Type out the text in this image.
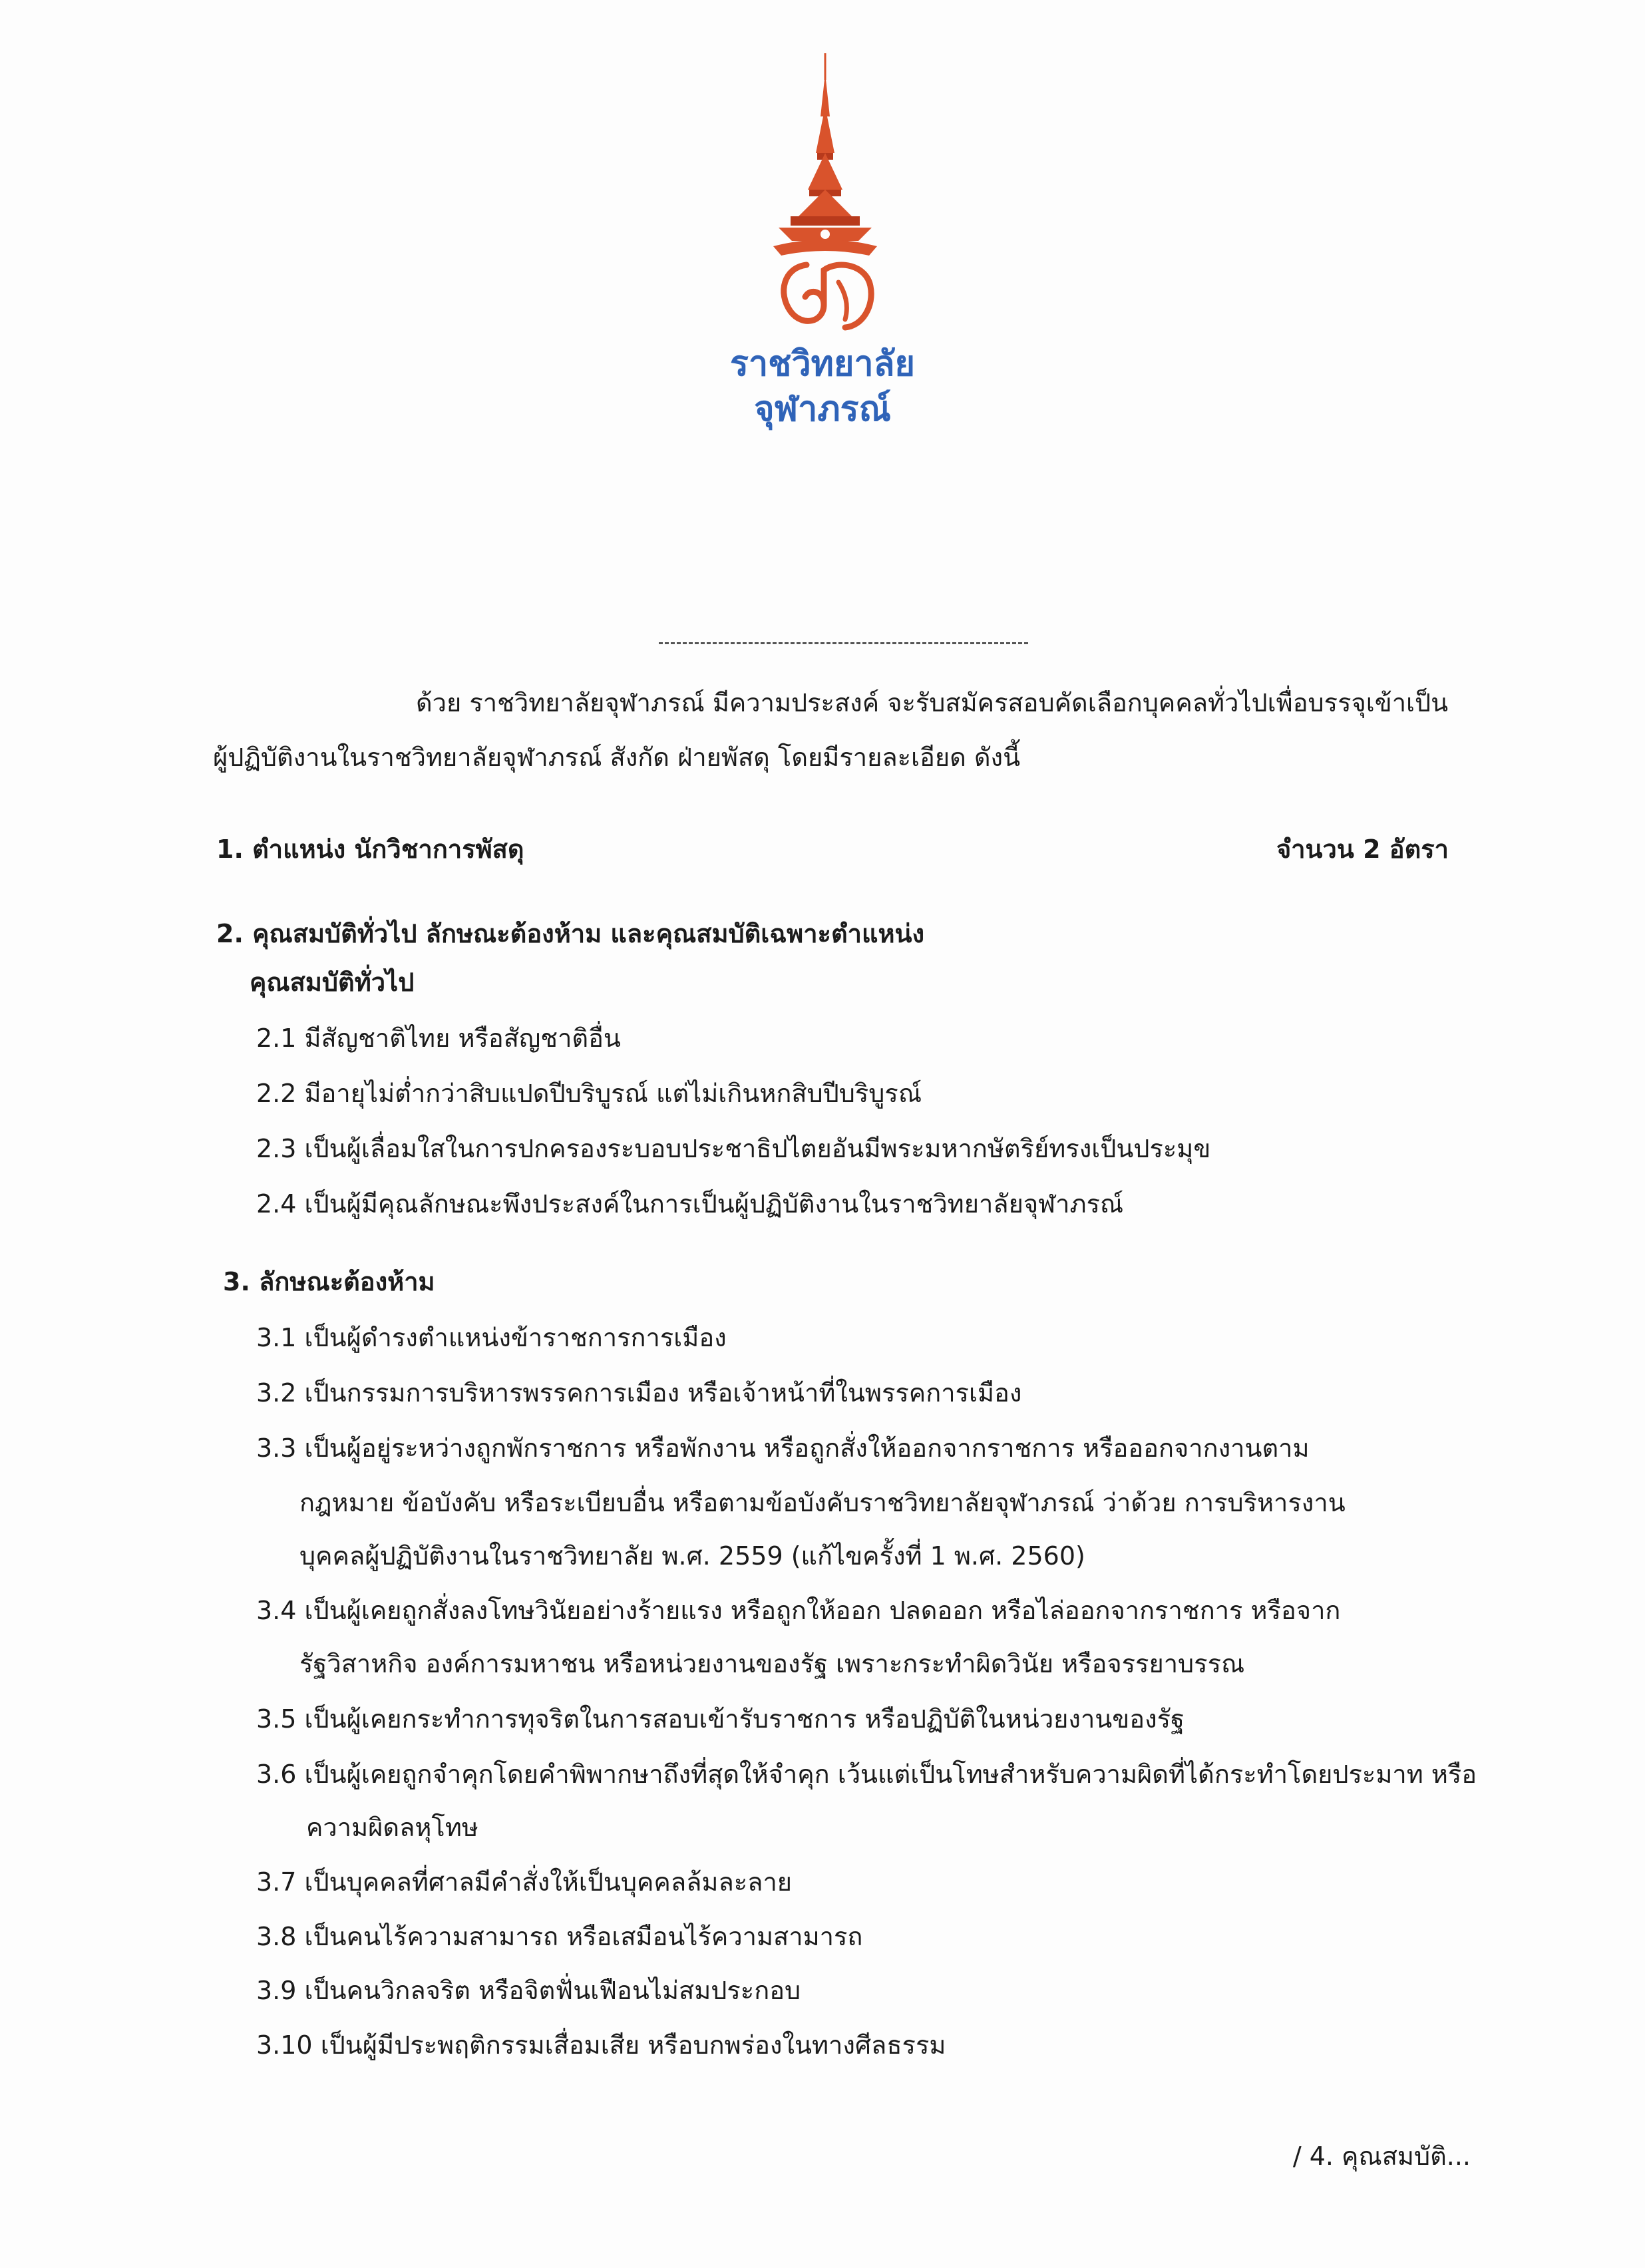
ราชวิทยาลัย
จุฬาภรณ์

ด้วย ราชวิทยาลัยจุฬาภรณ์ มีความประสงค์ จะรับสมัครสอบคัดเลือกบุคคลทั่วไปเพื่อบรรจุเข้าเป็น
ผู้ปฏิบัติงานในราชวิทยาลัยจุฬาภรณ์ สังกัด ฝ่ายพัสดุ โดยมีรายละเอียด ดังนี้
1. ตำแหน่ง นักวิชาการพัสดุ	จำนวน 2 อัตรา
2. คุณสมบัติทั่วไป ลักษณะต้องห้าม และคุณสมบัติเฉพาะตำแหน่ง
คุณสมบัติทั่วไป
2.1 มีสัญชาติไทย หรือสัญชาติอื่น
2.2 มีอายุไม่ต่ำกว่าสิบแปดปีบริบูรณ์ แต่ไม่เกินหกสิบปีบริบูรณ์
2.3 เป็นผู้เลื่อมใสในการปกครองระบอบประชาธิปไตยอันมีพระมหากษัตริย์ทรงเป็นประมุข
2.4 เป็นผู้มีคุณลักษณะพึงประสงค์ในการเป็นผู้ปฏิบัติงานในราชวิทยาลัยจุฬาภรณ์
3. ลักษณะต้องห้าม
3.1 เป็นผู้ดำรงตำแหน่งข้าราชการการเมือง
3.2 เป็นกรรมการบริหารพรรคการเมือง หรือเจ้าหน้าที่ในพรรคการเมือง
3.3 เป็นผู้อยู่ระหว่างถูกพักราชการ หรือพักงาน หรือถูกสั่งให้ออกจากราชการ หรือออกจากงานตาม
กฎหมาย ข้อบังคับ หรือระเบียบอื่น หรือตามข้อบังคับราชวิทยาลัยจุฬาภรณ์ ว่าด้วย การบริหารงาน
บุคคลผู้ปฏิบัติงานในราชวิทยาลัย พ.ศ. 2559 (แก้ไขครั้งที่ 1 พ.ศ. 2560)
3.4 เป็นผู้เคยถูกสั่งลงโทษวินัยอย่างร้ายแรง หรือถูกให้ออก ปลดออก หรือไล่ออกจากราชการ หรือจาก
รัฐวิสาหกิจ องค์การมหาชน หรือหน่วยงานของรัฐ เพราะกระทำผิดวินัย หรือจรรยาบรรณ
3.5 เป็นผู้เคยกระทำการทุจริตในการสอบเข้ารับราชการ หรือปฏิบัติในหน่วยงานของรัฐ
3.6 เป็นผู้เคยถูกจำคุกโดยคำพิพากษาถึงที่สุดให้จำคุก เว้นแต่เป็นโทษสำหรับความผิดที่ได้กระทำโดยประมาท หรือ
ความผิดลหุโทษ
3.7 เป็นบุคคลที่ศาลมีคำสั่งให้เป็นบุคคลล้มละลาย
3.8 เป็นคนไร้ความสามารถ หรือเสมือนไร้ความสามารถ
3.9 เป็นคนวิกลจริต หรือจิตฟั่นเฟือนไม่สมประกอบ
3.10 เป็นผู้มีประพฤติกรรมเสื่อมเสีย หรือบกพร่องในทางศีลธรรม
/ 4. คุณสมบัติ...
